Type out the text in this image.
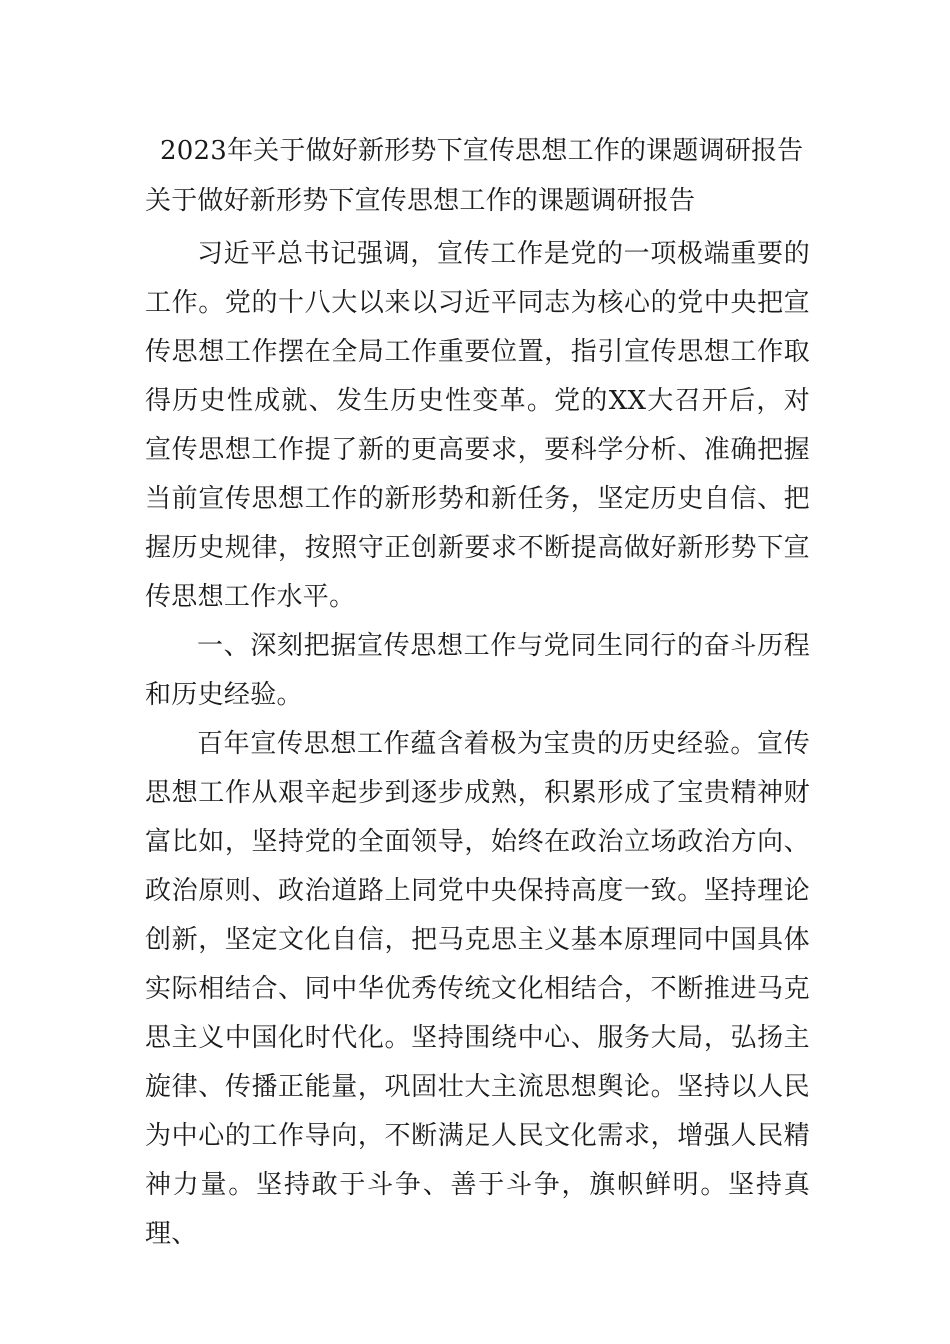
2023年关于做好新形势下宣传思想工作的课题调研报告
关于做好新形势下宣传思想工作的课题调研报告

习近平总书记强调，宣传工作是党的一项极端重要的工作。党的十八大以来以习近平同志为核心的党中央把宣传思想工作摆在全局工作重要位置，指引宣传思想工作取得历史性成就、发生历史性变革。党的XX大召开后，对宣传思想工作提了新的更高要求，要科学分析、准确把握当前宣传思想工作的新形势和新任务，坚定历史自信、把握历史规律，按照守正创新要求不断提高做好新形势下宣传思想工作水平。

一、深刻把据宣传思想工作与党同生同行的奋斗历程和历史经验。

百年宣传思想工作蕴含着极为宝贵的历史经验。宣传思想工作从艰辛起步到逐步成熟，积累形成了宝贵精神财富比如，坚持党的全面领导，始终在政治立场政治方向、政治原则、政治道路上同党中央保持高度一致。坚持理论创新，坚定文化自信，把马克思主义基本原理同中国具体实际相结合、同中华优秀传统文化相结合，不断推进马克思主义中国化时代化。坚持围绕中心、服务大局，弘扬主旋律、传播正能量，巩固壮大主流思想舆论。坚持以人民为中心的工作导向，不断满足人民文化需求，增强人民精神力量。坚持敢于斗争、善于斗争，旗帜鲜明。坚持真理、
